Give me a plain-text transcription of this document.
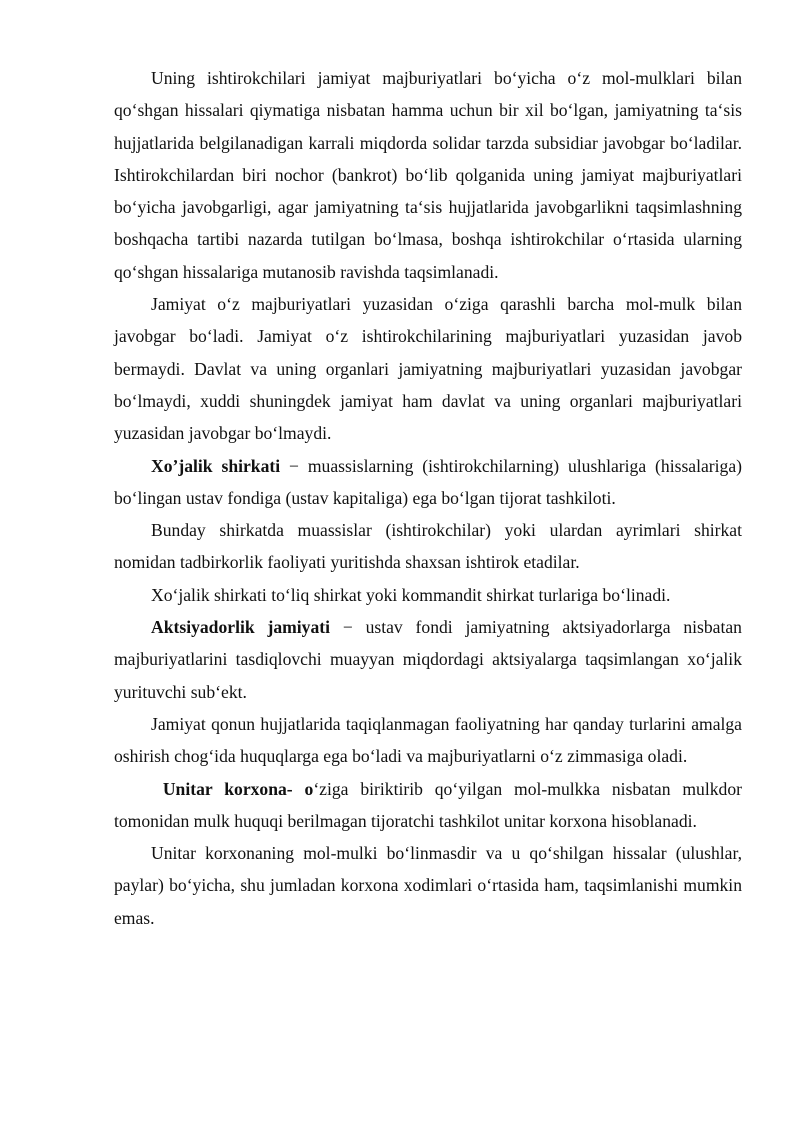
Uning ishtirokchilari jamiyat majburiyatlari bo‘yicha o‘z mol-mulklari bilan qo‘shgan hissalari qiymatiga nisbatan hamma uchun bir xil bo‘lgan, jamiyatning ta‘sis hujjatlarida belgilanadigan karrali miqdorda solidar tarzda subsidiar javobgar bo‘ladilar. Ishtirokchilardan biri nochor (bankrot) bo‘lib qolganida uning jamiyat majburiyatlari bo‘yicha javobgarligi, agar jamiyatning ta‘sis hujjatlarida javobgarlikni taqsimlashning boshqacha tartibi nazarda tutilgan bo‘lmasa, boshqa ishtirokchilar o‘rtasida ularning qo‘shgan hissalariga mutanosib ravishda taqsimlanadi.

Jamiyat o‘z majburiyatlari yuzasidan o‘ziga qarashli barcha mol-mulk bilan javobgar bo‘ladi. Jamiyat o‘z ishtirokchilarining majburiyatlari yuzasidan javob bermaydi. Davlat va uning organlari jamiyatning majburiyatlari yuzasidan javobgar bo‘lmaydi, xuddi shuningdek jamiyat ham davlat va uning organlari majburiyatlari yuzasidan javobgar bo‘lmaydi.

Xo’jalik shirkati − muassislarning (ishtirokchilarning) ulushlariga (hissalariga) bo‘lingan ustav fondiga (ustav kapitaliga) ega bo‘lgan tijorat tashkiloti.

Bunday shirkatda muassislar (ishtirokchilar) yoki ulardan ayrimlari shirkat nomidan tadbirkorlik faoliyati yuritishda shaxsan ishtirok etadilar.

Xo‘jalik shirkati to‘liq shirkat yoki kommandit shirkat turlariga bo‘linadi.

Aktsiyadorlik jamiyati − ustav fondi jamiyatning aktsiyadorlarga nisbatan majburiyatlarini tasdiqlovchi muayyan miqdordagi aktsiyalarga taqsimlangan xo‘jalik yurituvchi sub‘ekt.

Jamiyat qonun hujjatlarida taqiqlanmagan faoliyatning har qanday turlarini amalga oshirish chog‘ida huquqlarga ega bo‘ladi va majburiyatlarni o‘z zimmasiga oladi.

Unitar korxona- o‘ziga biriktirib qo‘yilgan mol-mulkka nisbatan mulkdor tomonidan mulk huquqi berilmagan tijoratchi tashkilot unitar korxona hisoblanadi.

Unitar korxonaning mol-mulki bo‘linmasdir va u qo‘shilgan hissalar (ulushlar, paylar) bo‘yicha, shu jumladan korxona xodimlari o‘rtasida ham, taqsimlanishi mumkin emas.
